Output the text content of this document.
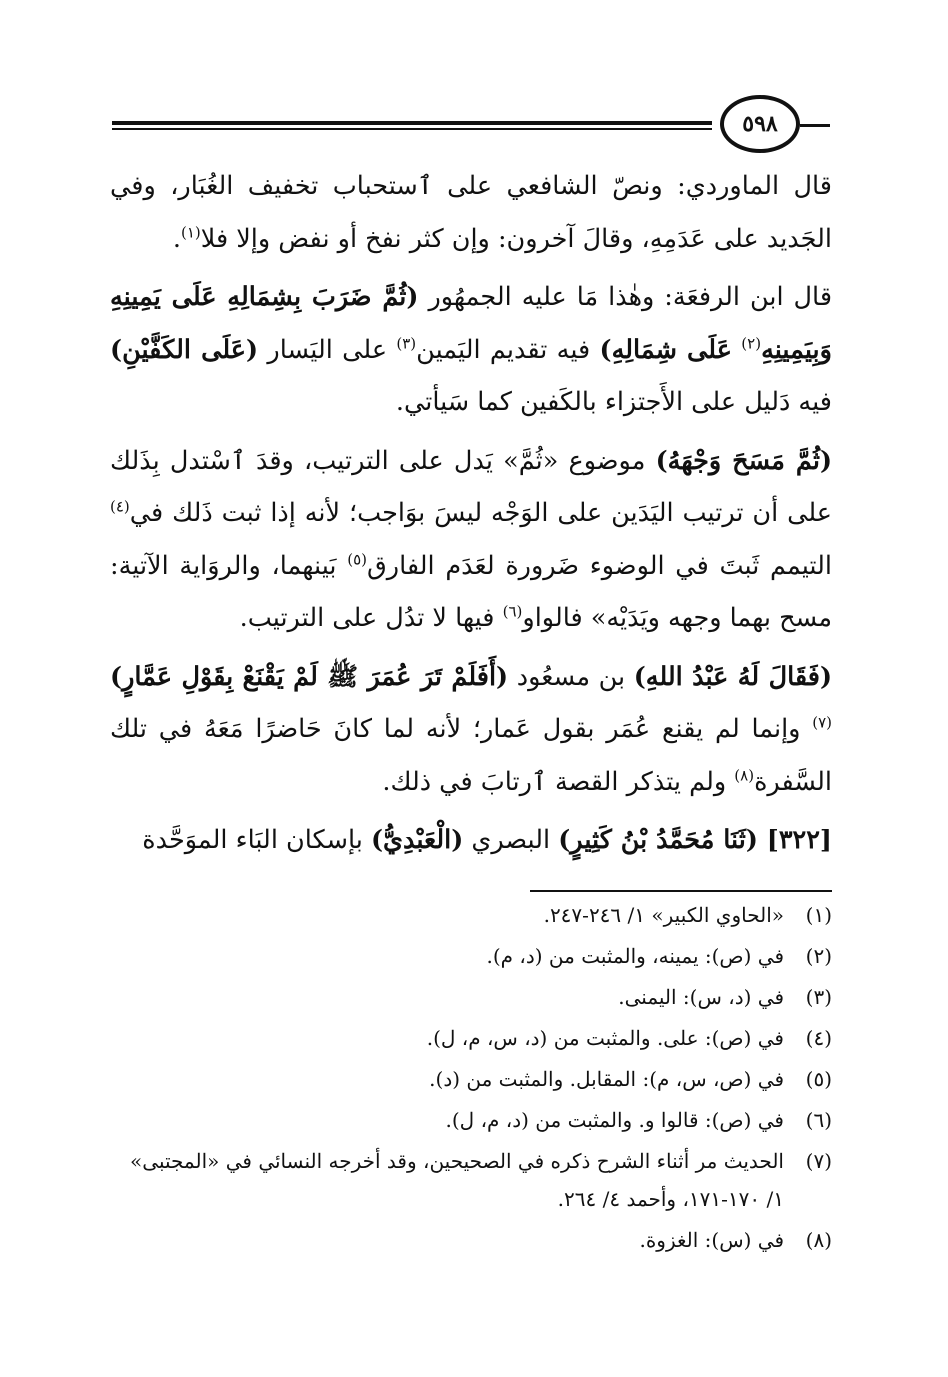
٥٩٨

قال الماوردي: ونصّ الشافعي على ٱستحباب تخفيف الغُبَار، وفي الجَديد على عَدَمِهِ، وقالَ آخرون: وإن كثر نفخ أو نفض وإلا فلا$^{(١)}$.

قال ابن الرفعَة: وهٰذا مَا عليه الجمهُور (ثُمَّ ضَرَبَ بِشِمَالِهِ عَلَى يَمِينِهِ وَبِيَمِينِهِ$^{(٢)}$ عَلَى شِمَالِهِ) فيه تقديم اليَمين$^{(٣)}$ على اليَسار (عَلَى الكَفَّيْنِ) فيه دَليل على الأَجتزاء بالكَفين كما سَيأتي.

(ثُمَّ مَسَحَ وَجْهَهُ) موضوع «ثُمَّ» يَدل على الترتيب، وقدَ ٱسْتدل بِذَلك على أن ترتيب اليَدَين على الوَجْه ليسَ بوَاجب؛ لأنه إذا ثبت ذَلك في$^{(٤)}$ التيمم ثَبتَ في الوضوء ضَرورة لعَدَم الفارق$^{(٥)}$ بَينهما، والروَاية الآتية: مسح بهما وجهه ويَدَيْه» فالواو$^{(٦)}$ فيها لا تدُل على الترتيب.

(فَقَالَ لَهُ عَبْدُ اللهِ) بن مسعُود (أَفَلَمْ تَرَ عُمَرَ ﷺ لَمْ يَقْنَعْ بِقَوْلِ عَمَّارٍ)$^{(٧)}$ وإنما لم يقنع عُمَر بقول عَمار؛ لأنه لما كانَ حَاضرًا مَعَهُ في تلك السَّفرة$^{(٨)}$ ولم يتذكر القصة ٱرتابَ في ذلك.

[٣٢٢] (ثَنَا مُحَمَّدُ بْنُ كَثِيرٍ) البصري (الْعَبْدِيُّ) بإسكان البَاء الموَحَّدة

(١)
«الحاوي الكبير» ١/ ٢٤٦-٢٤٧.
(٢)
في (ص): يمينه، والمثبت من (د، م).
(٣)
في (د، س): اليمنى.
(٤)
في (ص): على. والمثبت من (د، س، م، ل).
(٥)
في (ص، س، م): المقابل. والمثبت من (د).
(٦)
في (ص): قالوا و. والمثبت من (د، م، ل).
(٧)
الحديث مر أثناء الشرح ذكره في الصحيحين، وقد أخرجه النسائي في «المجتبى» ١/ ١٧٠-١٧١، وأحمد ٤/ ٢٦٤.
(٨)
في (س): الغزوة.
